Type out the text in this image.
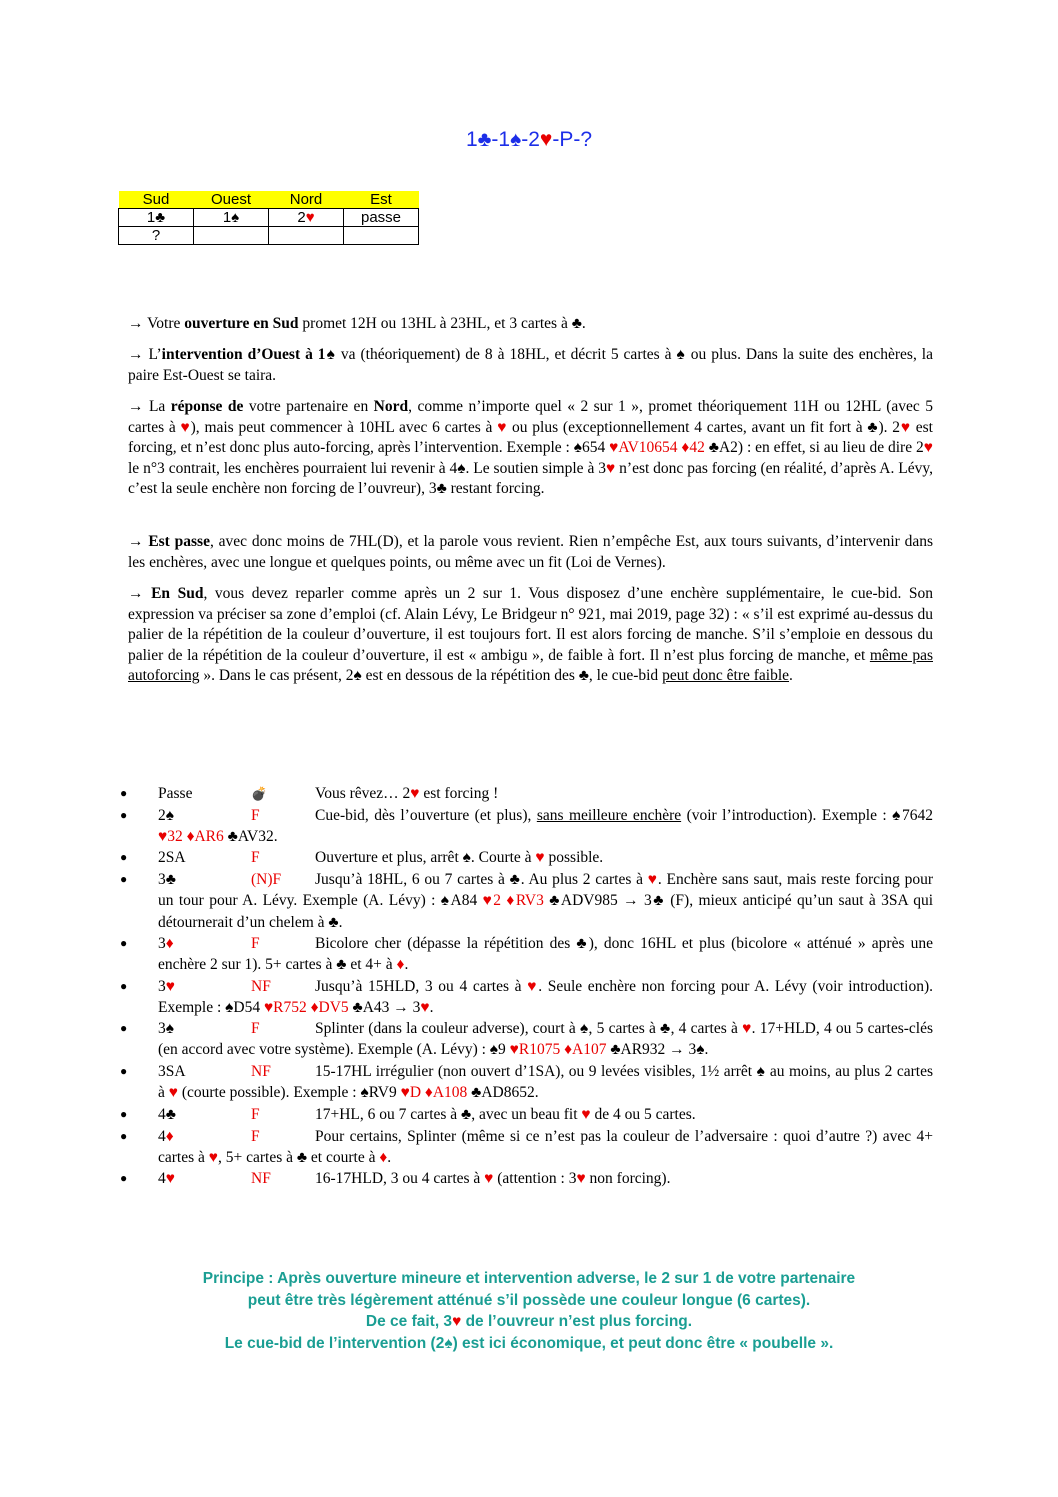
1♣-1♠-2♥-P-?
Sud	Ouest	Nord	Est
1♣	1♠	2♥	passe
?			
→ Votre ouverture en Sud promet 12H ou 13HL à 23HL, et 3 cartes à ♣.
→ L’intervention d’Ouest à 1♠ va (théoriquement) de 8 à 18HL, et décrit 5 cartes à ♠ ou plus. Dans la suite des enchères, la paire Est-Ouest se taira.
→ La réponse de votre partenaire en Nord, comme n’importe quel « 2 sur 1 », promet théoriquement 11H ou 12HL (avec 5 cartes à ♥), mais peut commencer à 10HL avec 6 cartes à ♥ ou plus (exceptionnellement 4 cartes, avant un fit fort à ♣). 2♥ est forcing, et n’est donc plus auto-forcing, après l’intervention. Exemple : ♠654 ♥AV10654 ♦42 ♣A2) : en effet, si au lieu de dire 2♥ le n°3 contrait, les enchères pourraient lui revenir à 4♠. Le soutien simple à 3♥ n’est donc pas forcing (en réalité, d’après A. Lévy, c’est la seule enchère non forcing de l’ouvreur), 3♣ restant forcing.
→ Est passe, avec donc moins de 7HL(D), et la parole vous revient. Rien n’empêche Est, aux tours suivants, d’intervenir dans les enchères, avec une longue et quelques points, ou même avec un fit (Loi de Vernes).
→ En Sud, vous devez reparler comme après un 2 sur 1. Vous disposez d’une enchère supplémentaire, le cue-bid. Son expression va préciser sa zone d’emploi (cf. Alain Lévy, Le Bridgeur n° 921, mai 2019, page 32) : « s’il est exprimé au-dessus du palier de la répétition de la couleur d’ouverture, il est toujours fort. Il est alors forcing de manche. S’il s’emploie en dessous du palier de la répétition de la couleur d’ouverture, il est « ambigu », de faible à fort. Il n’est plus forcing de manche, et même pas autoforcing ». Dans le cas présent, 2♠ est en dessous de la répétition des ♣, le cue-bid peut donc être faible.
● Passe	💣	Vous rêvez… 2♥ est forcing !
● 2♠	F	Cue-bid, dès l’ouverture (et plus), sans meilleure enchère (voir l’introduction). Exemple : ♠7642 ♥32 ♦AR6 ♣AV32.
● 2SA	F	Ouverture et plus, arrêt ♠. Courte à ♥ possible.
● 3♣	(N)F	Jusqu’à 18HL, 6 ou 7 cartes à ♣. Au plus 2 cartes à ♥. Enchère sans saut, mais reste forcing pour un tour pour A. Lévy. Exemple (A. Lévy) : ♠A84 ♥2 ♦RV3 ♣ADV985 → 3♣ (F), mieux anticipé qu’un saut à 3SA qui détournerait d’un chelem à ♣.
● 3♦	F	Bicolore cher (dépasse la répétition des ♣), donc 16HL et plus (bicolore « atténué » après une enchère 2 sur 1). 5+ cartes à ♣ et 4+ à ♦.
● 3♥	NF	Jusqu’à 15HLD, 3 ou 4 cartes à ♥. Seule enchère non forcing pour A. Lévy (voir introduction). Exemple : ♠D54 ♥R752 ♦DV5 ♣A43 → 3♥.
● 3♠	F	Splinter (dans la couleur adverse), court à ♠, 5 cartes à ♣, 4 cartes à ♥. 17+HLD, 4 ou 5 cartes-clés (en accord avec votre système). Exemple (A. Lévy) : ♠9 ♥R1075 ♦A107 ♣AR932 → 3♠.
● 3SA	NF	15-17HL irrégulier (non ouvert d’1SA), ou 9 levées visibles, 1½ arrêt ♠ au moins, au plus 2 cartes à ♥ (courte possible). Exemple : ♠RV9 ♥D ♦A108 ♣AD8652.
● 4♣	F	17+HL, 6 ou 7 cartes à ♣, avec un beau fit ♥ de 4 ou 5 cartes.
● 4♦	F	Pour certains, Splinter (même si ce n’est pas la couleur de l’adversaire : quoi d’autre ?) avec 4+ cartes à ♥, 5+ cartes à ♣ et courte à ♦.
● 4♥	NF	16-17HLD, 3 ou 4 cartes à ♥ (attention : 3♥ non forcing).
Principe : Après ouverture mineure et intervention adverse, le 2 sur 1 de votre partenaire
peut être très légèrement atténué s’il possède une couleur longue (6 cartes).
De ce fait, 3♥ de l’ouvreur n’est plus forcing.
Le cue-bid de l’intervention (2♠) est ici économique, et peut donc être « poubelle ».
